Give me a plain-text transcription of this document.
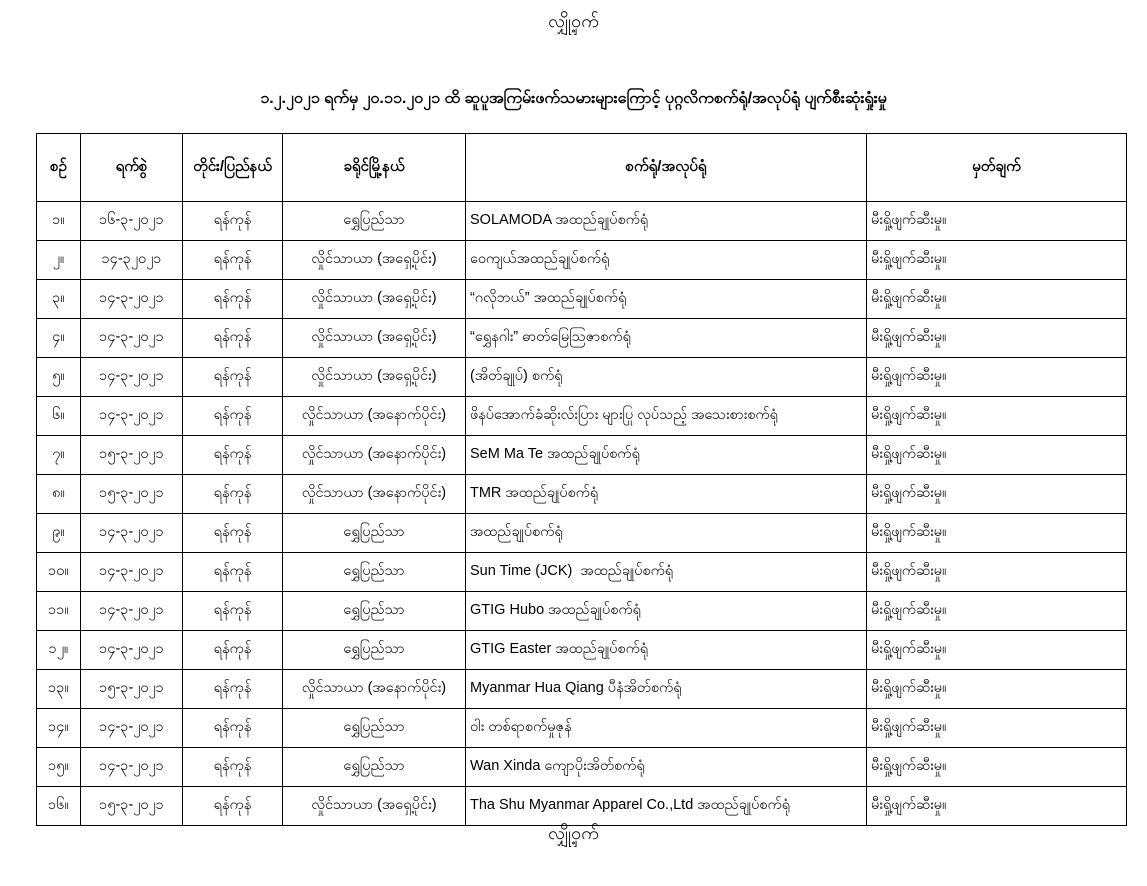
လျှို့ဝှက်
၁.၂.၂၀၂၁ ရက်မှ ၂၀.၁၁.၂၀၂၁ ထိ ဆူပူအကြမ်းဖက်သမားများကြောင့် ပုဂ္ဂလိကစက်ရုံ/အလုပ်ရုံ ပျက်စီးဆုံးရှုံးမှု
စဉ်	ရက်စွဲ	တိုင်း/ပြည်နယ်	ခရိုင်မြို့နယ်	စက်ရုံ/အလုပ်ရုံ	မှတ်ချက်
၁။	၁၆-၃-၂၀၂၁	ရန်ကုန်	ရွှေပြည်သာ	SOLAMODA အထည်ချုပ်စက်ရုံ	မီးရှို့ဖျက်ဆီးမှု။
၂။	၁၄-၃၂၀၂၁	ရန်ကုန်	လှိုင်သာယာ (အရှေ့ပိုင်း)	ဝေကျယ်အထည်ချုပ်စက်ရုံ	မီးရှို့ဖျက်ဆီးမှု။
၃။	၁၄-၃-၂၀၂၁	ရန်ကုန်	လှိုင်သာယာ (အရှေ့ပိုင်း)	“ဂလိုဘယ်” အထည်ချုပ်စက်ရုံ	မီးရှို့ဖျက်ဆီးမှု။
၄။	၁၄-၃-၂၀၂၁	ရန်ကုန်	လှိုင်သာယာ (အရှေ့ပိုင်း)	“ရွှေနဂါး” ဓာတ်မြေဩဇာစက်ရုံ	မီးရှို့ဖျက်ဆီးမှု။
၅။	၁၄-၃-၂၀၂၁	ရန်ကုန်	လှိုင်သာယာ (အရှေ့ပိုင်း)	(အိတ်ချုပ်) စက်ရုံ	မီးရှို့ဖျက်ဆီးမှု။
၆။	၁၄-၃-၂၀၂၁	ရန်ကုန်	လှိုင်သာယာ (အနောက်ပိုင်း)	ဖိနပ်အောက်ခံဆိုးလ်းပြား များပြု လုပ်သည့် အသေးစားစက်ရုံ	မီးရှို့ဖျက်ဆီးမှု။
၇။	၁၅-၃-၂၀၂၁	ရန်ကုန်	လှိုင်သာယာ (အနောက်ပိုင်း)	SeM Ma Te အထည်ချုပ်စက်ရုံ	မီးရှို့ဖျက်ဆီးမှု။
၈။	၁၅-၃-၂၀၂၁	ရန်ကုန်	လှိုင်သာယာ (အနောက်ပိုင်း)	TMR အထည်ချုပ်စက်ရုံ	မီးရှို့ဖျက်ဆီးမှု။
၉။	၁၄-၃-၂၀၂၁	ရန်ကုန်	ရွှေပြည်သာ	အထည်ချုပ်စက်ရုံ	မီးရှို့ဖျက်ဆီးမှု။
၁၀။	၁၄-၃-၂၀၂၁	ရန်ကုန်	ရွှေပြည်သာ	Sun Time (JCK)  အထည်ချုပ်စက်ရုံ	မီးရှို့ဖျက်ဆီးမှု။
၁၁။	၁၄-၃-၂၀၂၁	ရန်ကုန်	ရွှေပြည်သာ	GTIG Hubo အထည်ချုပ်စက်ရုံ	မီးရှို့ဖျက်ဆီးမှု။
၁၂။	၁၄-၃-၂၀၂၁	ရန်ကုန်	ရွှေပြည်သာ	GTIG Easter အထည်ချုပ်စက်ရုံ	မီးရှို့ဖျက်ဆီးမှု။
၁၃။	၁၅-၃-၂၀၂၁	ရန်ကုန်	လှိုင်သာယာ (အနောက်ပိုင်း)	Myanmar Hua Qiang ပီနံအိတ်စက်ရုံ	မီးရှို့ဖျက်ဆီးမှု။
၁၄။	၁၄-၃-၂၀၂၁	ရန်ကုန်	ရွှေပြည်သာ	ဝါး တစ်ရာစက်မှုဇုန်	မီးရှို့ဖျက်ဆီးမှု။
၁၅။	၁၄-၃-၂၀၂၁	ရန်ကုန်	ရွှေပြည်သာ	Wan Xinda ကျောပိုးအိတ်စက်ရုံ	မီးရှို့ဖျက်ဆီးမှု။
၁၆။	၁၅-၃-၂၀၂၁	ရန်ကုန်	လှိုင်သာယာ (အရှေ့ပိုင်း)	Tha Shu Myanmar Apparel Co.,Ltd အထည်ချုပ်စက်ရုံ	မီးရှို့ဖျက်ဆီးမှု။
လျှို့ဝှက်
